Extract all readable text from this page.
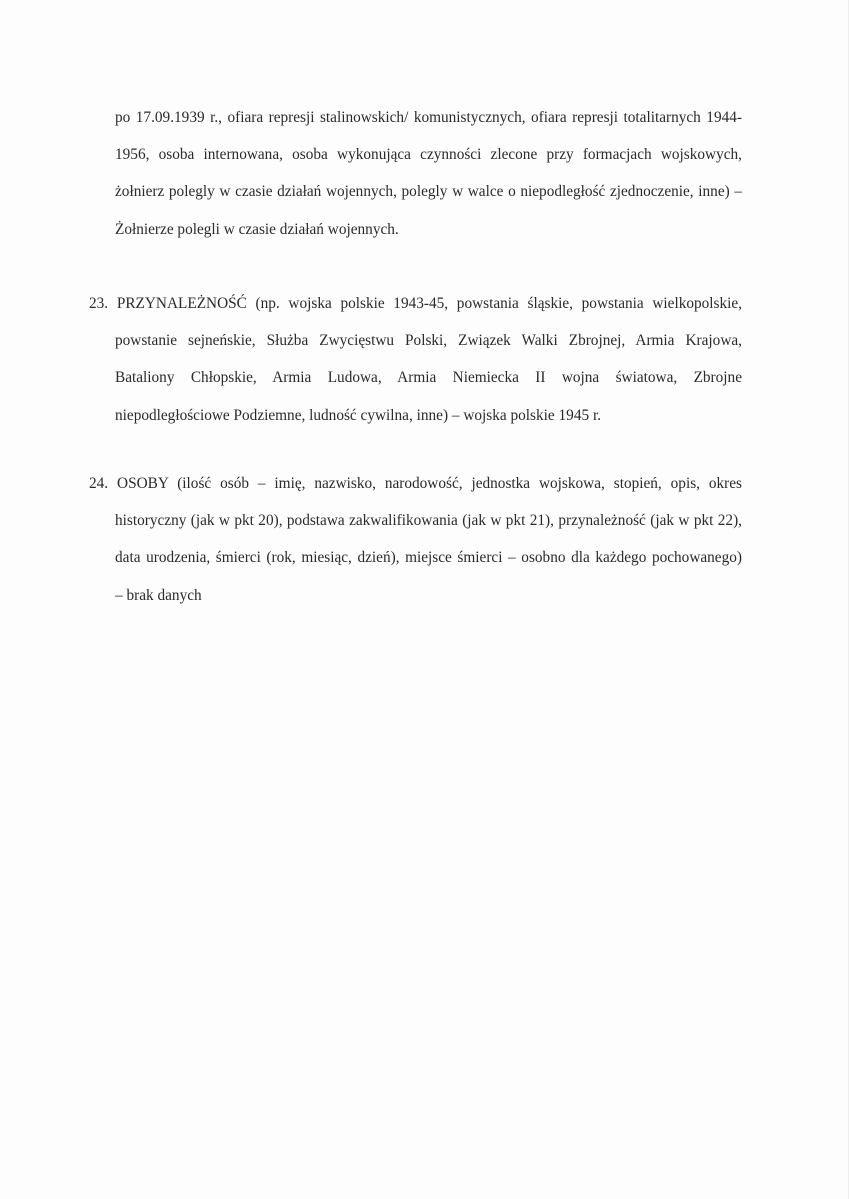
po 17.09.1939 r., ofiara represji stalinowskich/ komunistycznych, ofiara represji totalitarnych 1944-
1956, osoba internowana, osoba wykonująca czynności zlecone przy formacjach wojskowych,
żołnierz polegly w czasie działań wojennych, polegly w walce o niepodległość zjednoczenie, inne) –
Żołnierze polegli w czasie działań wojennych.
23. PRZYNALEŻNOŚĆ (np. wojska polskie 1943-45, powstania śląskie, powstania wielkopolskie,
powstanie sejneńskie, Służba Zwycięstwu Polski, Związek Walki Zbrojnej, Armia Krajowa,
Bataliony Chłopskie, Armia Ludowa, Armia Niemiecka II wojna światowa, Zbrojne
niepodległościowe Podziemne, ludność cywilna, inne) – wojska polskie 1945 r.
24. OSOBY (ilość osób – imię, nazwisko, narodowość, jednostka wojskowa, stopień, opis, okres
historyczny (jak w pkt 20), podstawa zakwalifikowania (jak w pkt 21), przynależność (jak w pkt 22),
data urodzenia, śmierci (rok, miesiąc, dzień), miejsce śmierci – osobno dla każdego pochowanego)
– brak danych
